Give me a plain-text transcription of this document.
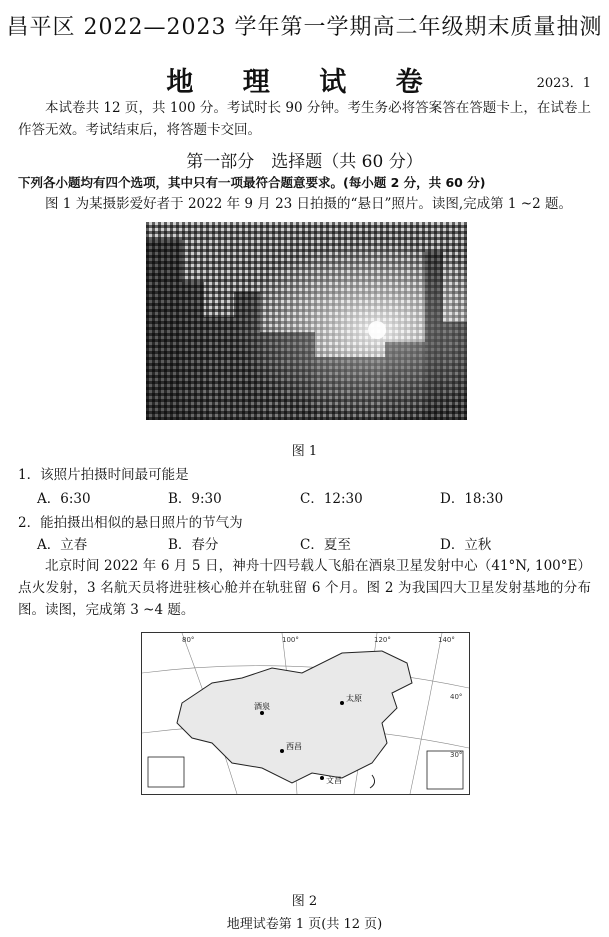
昌平区 2022—2023 学年第一学期高二年级期末质量抽测
地 理 试 卷	2023．1
本试卷共 12 页，共 100 分。考试时长 90 分钟。考生务必将答案答在答题卡上，在试卷上作答无效。考试结束后，将答题卡交回。
第一部分　选择题（共 60 分）
下列各小题均有四个选项，其中只有一项最符合题意要求。(每小题 2 分，共 60 分)
图 1 为某摄影爱好者于 2022 年 9 月 23 日拍摄的“悬日”照片。读图,完成第 1 ~2 题。
图 1
1．该照片拍摄时间最可能是
A．6:30	B．9:30	C．12:30	D．18:30
2．能拍摄出相似的悬日照片的节气为
A．立春	B．春分	C．夏至	D．立秋
北京时间 2022 年 6 月 5 日，神舟十四号载人飞船在酒泉卫星发射中心（41°N, 100°E）点火发射，3 名航天员将进驻核心舱并在轨驻留 6 个月。图 2 为我国四大卫星发射基地的分布图。读图，完成第 3 ~4 题。
80°	100°	120°	140°
40°
30°
酒泉
太原
西昌
文昌
图 2
地理试卷第 1 页(共 12 页)
